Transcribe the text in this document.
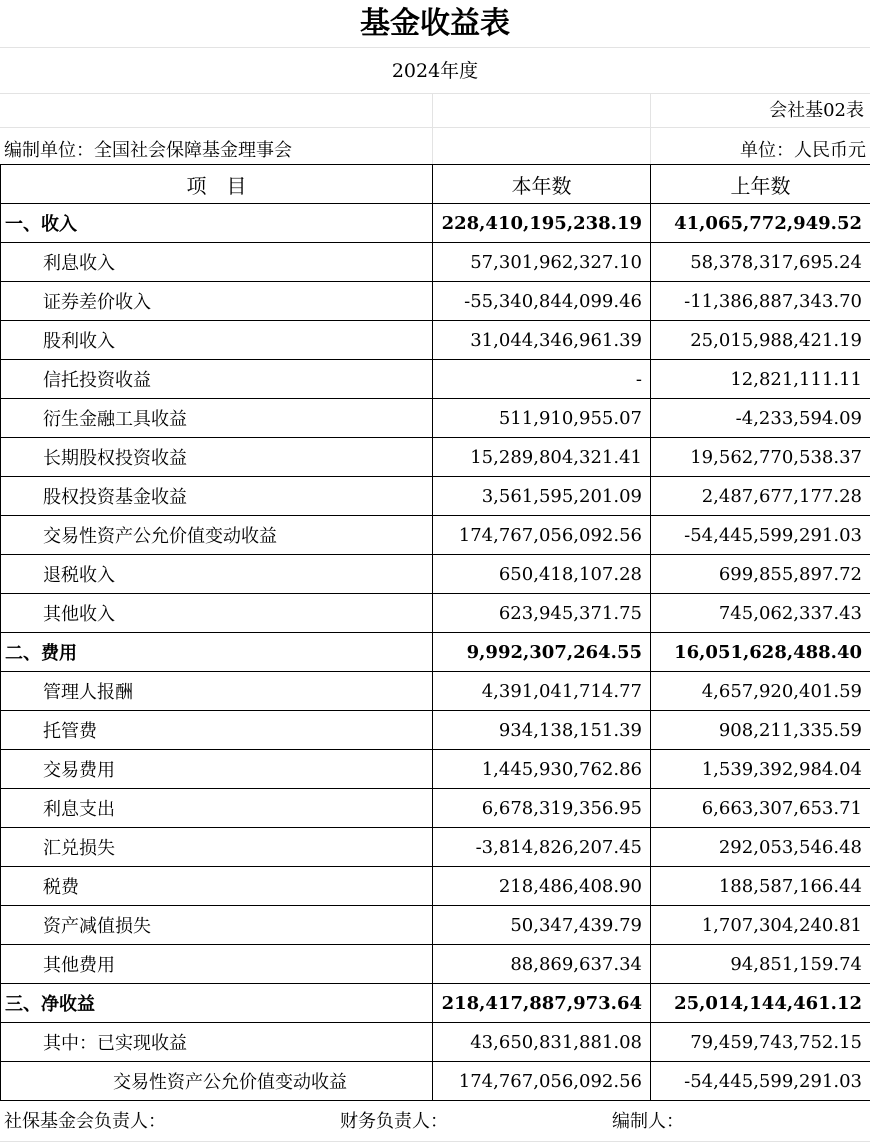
基金收益表
2024年度
会社基02表
编制单位：全国社会保障基金理事会	单位：人民币元
项　目	本年数	上年数
一、收入	228,410,195,238.19	41,065,772,949.52
利息收入	57,301,962,327.10	58,378,317,695.24
证券差价收入	-55,340,844,099.46	-11,386,887,343.70
股利收入	31,044,346,961.39	25,015,988,421.19
信托投资收益	-	12,821,111.11
衍生金融工具收益	511,910,955.07	-4,233,594.09
长期股权投资收益	15,289,804,321.41	19,562,770,538.37
股权投资基金收益	3,561,595,201.09	2,487,677,177.28
交易性资产公允价值变动收益	174,767,056,092.56	-54,445,599,291.03
退税收入	650,418,107.28	699,855,897.72
其他收入	623,945,371.75	745,062,337.43
二、费用	9,992,307,264.55	16,051,628,488.40
管理人报酬	4,391,041,714.77	4,657,920,401.59
托管费	934,138,151.39	908,211,335.59
交易费用	1,445,930,762.86	1,539,392,984.04
利息支出	6,678,319,356.95	6,663,307,653.71
汇兑损失	-3,814,826,207.45	292,053,546.48
税费	218,486,408.90	188,587,166.44
资产减值损失	50,347,439.79	1,707,304,240.81
其他费用	88,869,637.34	94,851,159.74
三、净收益	218,417,887,973.64	25,014,144,461.12
其中：已实现收益	43,650,831,881.08	79,459,743,752.15
交易性资产公允价值变动收益	174,767,056,092.56	-54,445,599,291.03
社保基金会负责人：	财务负责人：	编制人：
